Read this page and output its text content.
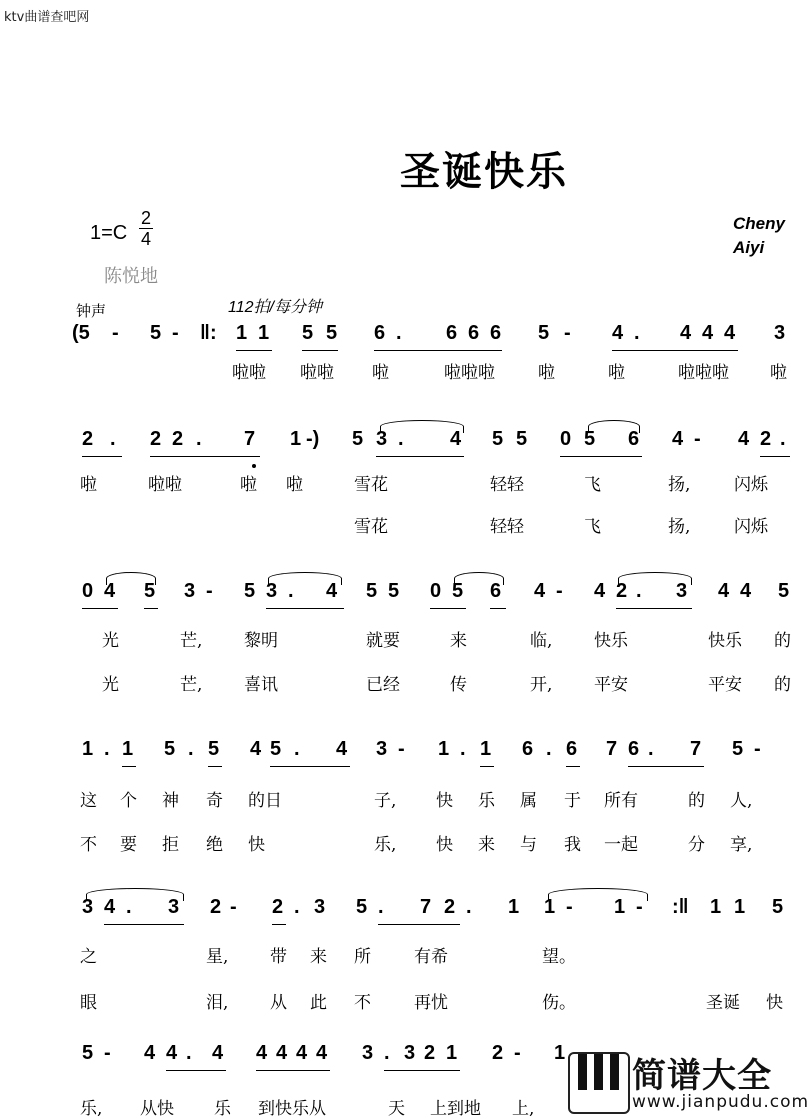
ktv曲谱查吧网
圣诞快乐
1=C
2
4
Cheny
Aiyi
陈悦地
钟声	112拍/每分钟
(5 - 5 - ‖: 1 1 5 5 6 . 6 6 6 5 - 4 . 4 4 4 3
啦啦 啦啦 啦	啦啦啦	啦	啦	啦啦啦 啦
2 . 2 2 . 7 1 -) 5 3 . 4 5 5 0 5 6 4 - 4 2 .
啦	啦啦	啦 啦	雪花	轻轻	飞	扬,	闪烁
雪花	轻轻	飞	扬,	闪烁
0 4 5 3 - 5 3 . 4 5 5 0 5 6 4 - 4 2 . 3 4 4 5
光	芒, 黎明	就要	来	临, 快乐	快乐 的
光	芒, 喜讯	已经	传	开, 平安	平安 的
1 . 1 5 . 5 4 5 . 4 3 - 1 . 1 6 . 6 7 6 . 7 5 -
这 个 神 奇 的日	子, 快 乐 属 于 所有	的 人,
不 要 拒 绝 快	乐, 快 来 与 我 一起	分 享,
3 4 . 3 2 - 2 . 3 5 . 7 2 . 1 1 - 1 - :‖ 1 1 5
之	星, 带 来 所	有希	望。
眼	泪, 从 此 不	再忧	伤。	圣诞 快
5 - 4 4 . 4 4 4 4 4 3 . 3 2 1 2 - 1
乐, 从快 乐 到快乐从	天 上到地 上,
简谱大全
www.jianpudu.com
